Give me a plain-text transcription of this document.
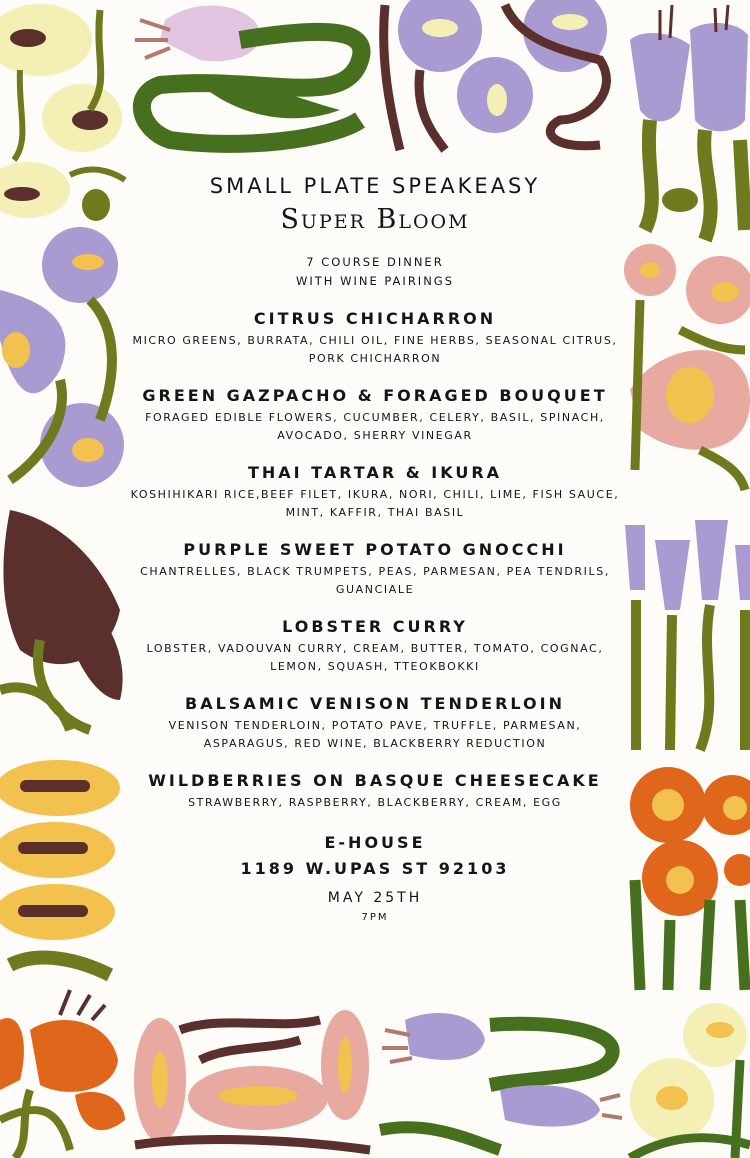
SMALL PLATE SPEAKEASY
Super Bloom

7 COURSE DINNER
WITH WINE PAIRINGS

CITRUS CHICHARRON

MICRO GREENS, BURRATA, CHILI OIL, FINE HERBS, SEASONAL CITRUS, PORK CHICHARRON

GREEN GAZPACHO & FORAGED BOUQUET

FORAGED EDIBLE FLOWERS, CUCUMBER, CELERY, BASIL, SPINACH, AVOCADO, SHERRY VINEGAR

THAI TARTAR & IKURA

KOSHIHIKARI RICE,BEEF FILET, IKURA, NORI, CHILI, LIME, FISH SAUCE, MINT, KAFFIR, THAI BASIL

PURPLE SWEET POTATO GNOCCHI

CHANTRELLES, BLACK TRUMPETS, PEAS, PARMESAN, PEA TENDRILS, GUANCIALE

LOBSTER CURRY

LOBSTER, VADOUVAN CURRY, CREAM, BUTTER, TOMATO, COGNAC, LEMON, SQUASH, TTEOKBOKKI

BALSAMIC VENISON TENDERLOIN

VENISON TENDERLOIN, POTATO PAVE, TRUFFLE, PARMESAN, ASPARAGUS, RED WINE, BLACKBERRY REDUCTION

WILDBERRIES ON BASQUE CHEESECAKE

STRAWBERRY, RASPBERRY, BLACKBERRY, CREAM, EGG

E-HOUSE
1189 W.UPAS ST 92103

MAY 25TH

7PM
